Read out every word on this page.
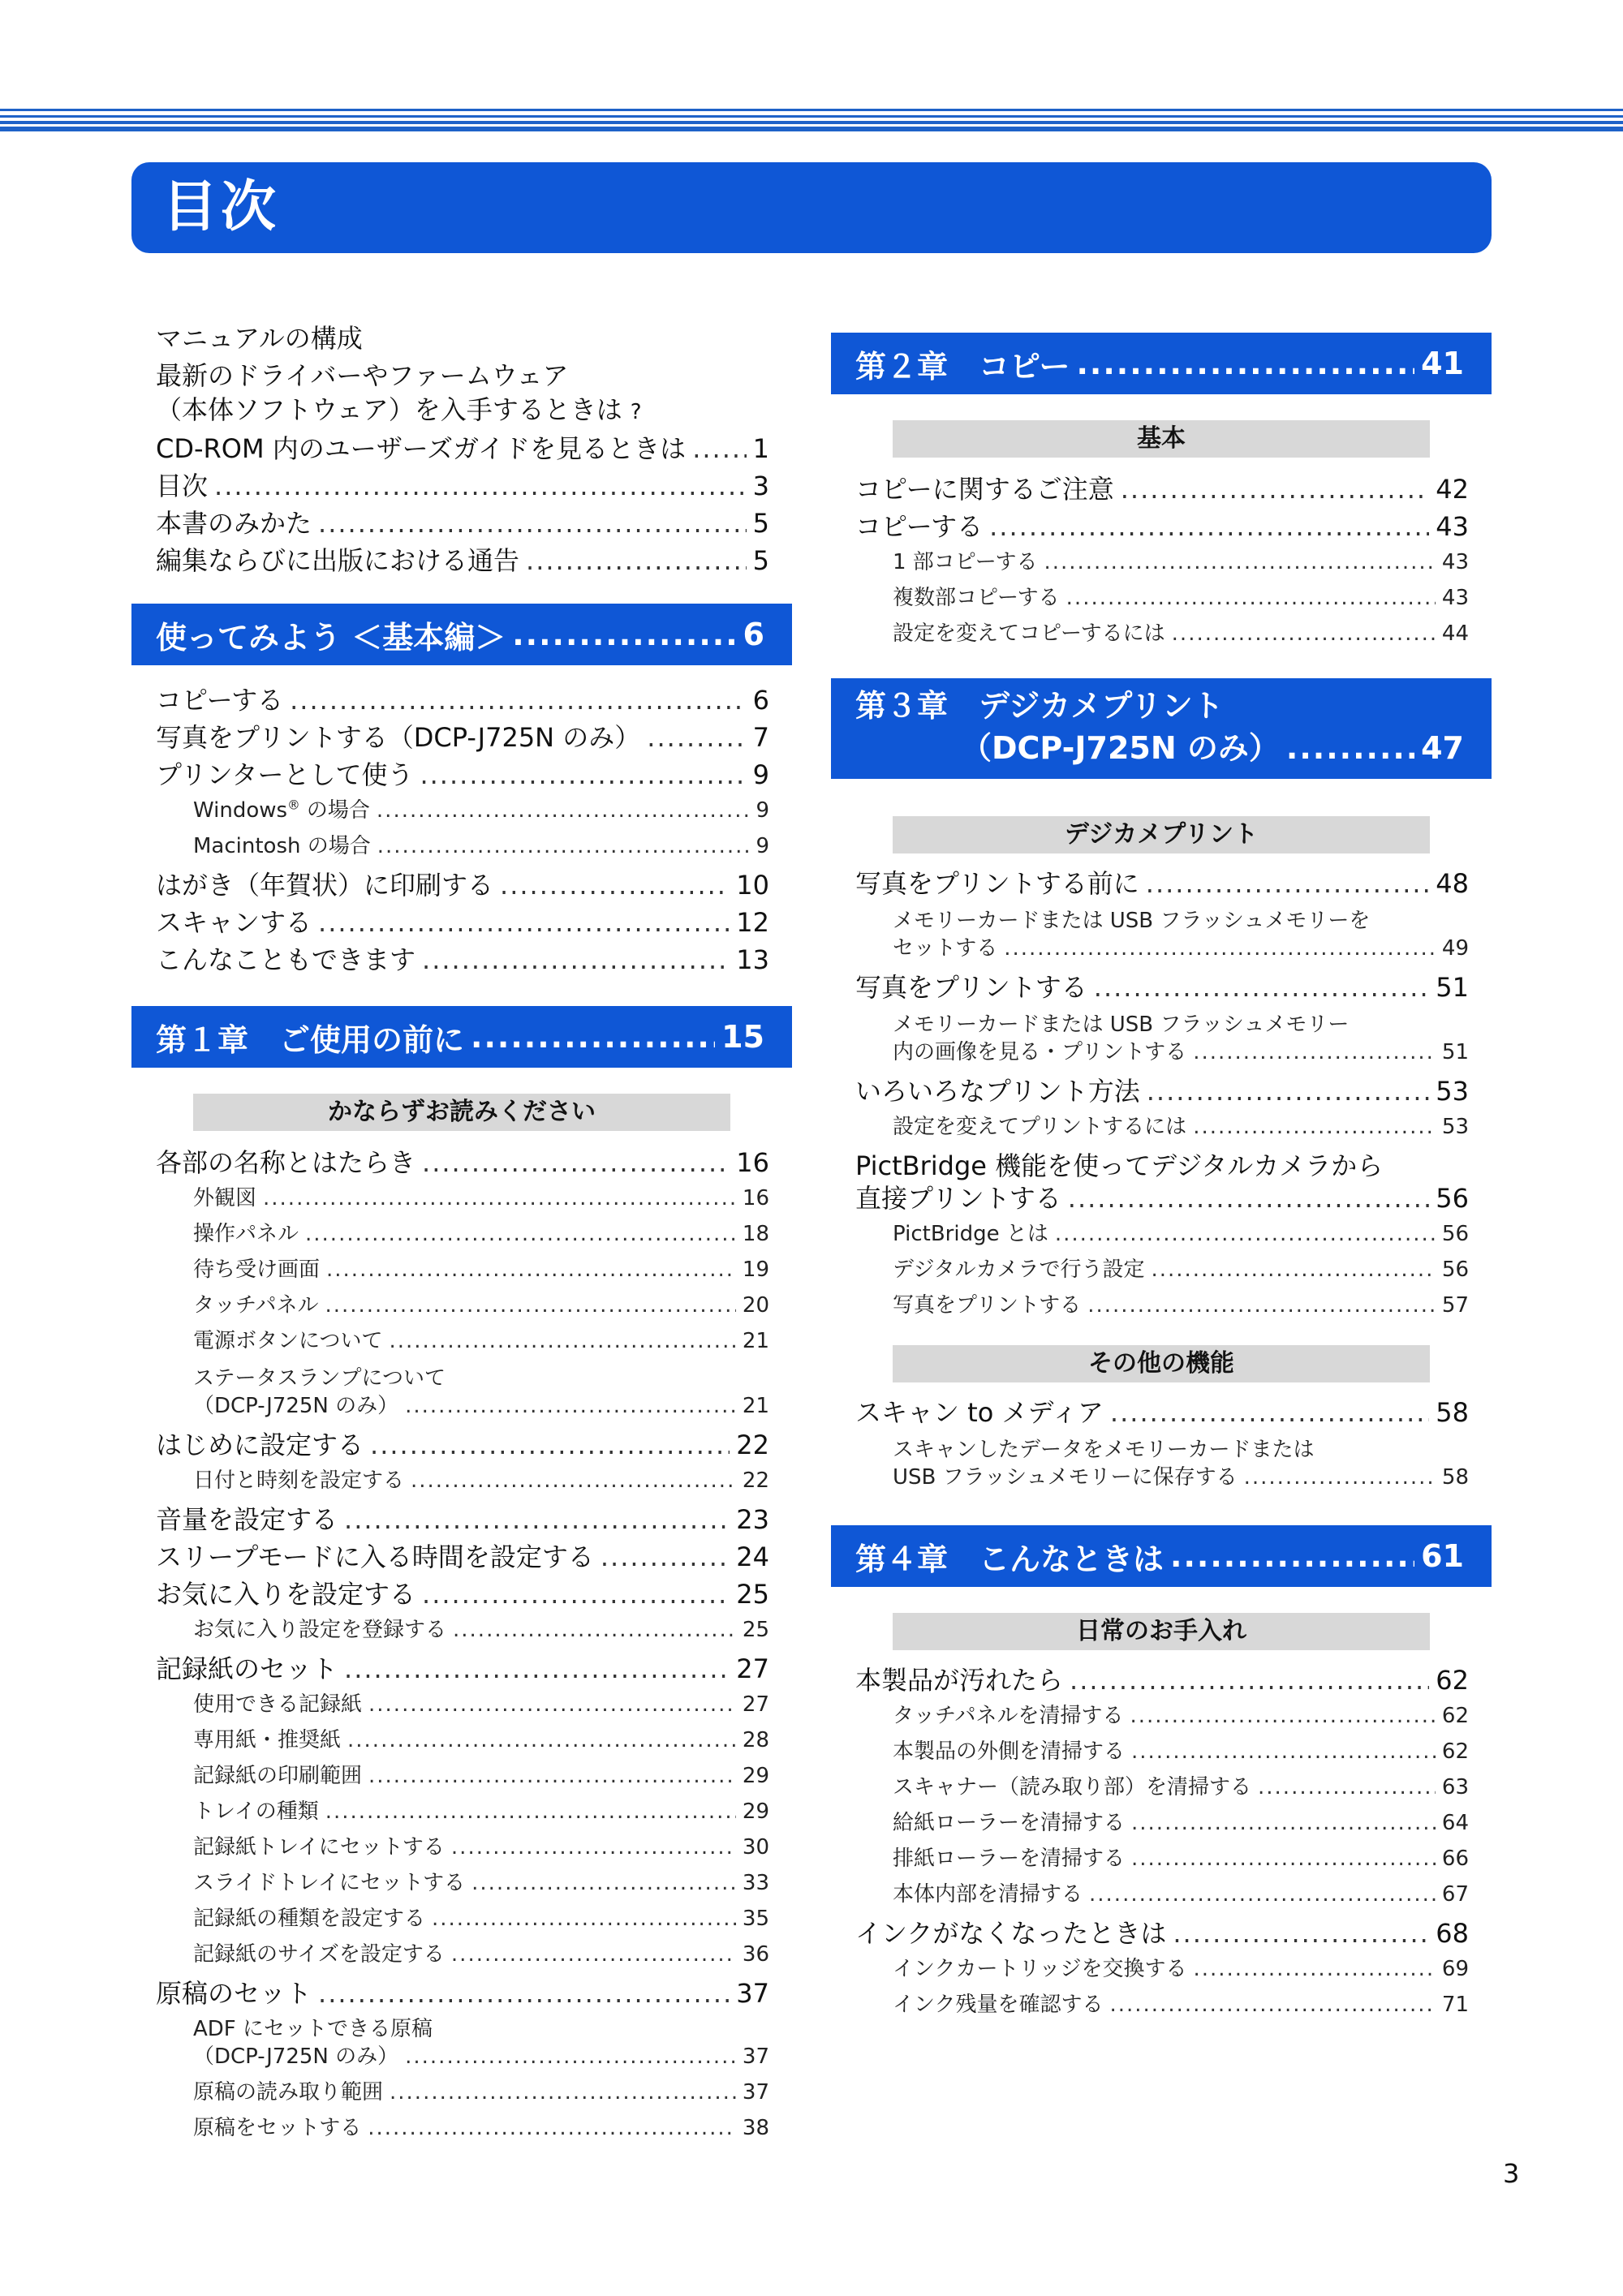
目次
マニュアルの構成
最新のドライバーやファームウェア
（本体ソフトウェア）を入手するときは ?
CD-ROM 内のユーザーズガイドを見るときは .....	1
目次 .....	3
本書のみかた .....	5
編集ならびに出版における通告 .....	5
使ってみよう ＜基本編＞ .....	6
コピーする .....	6
写真をプリントする（DCP-J725N のみ） .....	7
プリンターとして使う .....	9
Windows® の場合 .....	9
Macintosh の場合 .....	9
はがき（年賀状）に印刷する .....	10
スキャンする .....	12
こんなこともできます .....	13
第１章　ご使用の前に .....	15
かならずお読みください
各部の名称とはたらき .....	16
外観図 .....	16
操作パネル .....	18
待ち受け画面 .....	19
タッチパネル .....	20
電源ボタンについて .....	21
ステータスランプについて
（DCP-J725N のみ） .....	21
はじめに設定する .....	22
日付と時刻を設定する .....	22
音量を設定する .....	23
スリープモードに入る時間を設定する .....	24
お気に入りを設定する .....	25
お気に入り設定を登録する .....	25
記録紙のセット .....	27
使用できる記録紙 .....	27
専用紙・推奨紙 .....	28
記録紙の印刷範囲 .....	29
トレイの種類 .....	29
記録紙トレイにセットする .....	30
スライドトレイにセットする .....	33
記録紙の種類を設定する .....	35
記録紙のサイズを設定する .....	36
原稿のセット .....	37
ADF にセットできる原稿
（DCP-J725N のみ） .....	37
原稿の読み取り範囲 .....	37
原稿をセットする .....	38
第２章　コピー .....	41
基本
コピーに関するご注意 .....	42
コピーする .....	43
1 部コピーする .....	43
複数部コピーする .....	43
設定を変えてコピーするには .....	44
第３章　デジカメプリント
（DCP-J725N のみ） .....	47
デジカメプリント
写真をプリントする前に .....	48
メモリーカードまたは USB フラッシュメモリーを
セットする .....	49
写真をプリントする .....	51
メモリーカードまたは USB フラッシュメモリー
内の画像を見る・プリントする .....	51
いろいろなプリント方法 .....	53
設定を変えてプリントするには .....	53
PictBridge 機能を使ってデジタルカメラから
直接プリントする .....	56
PictBridge とは .....	56
デジタルカメラで行う設定 .....	56
写真をプリントする .....	57
その他の機能
スキャン to メディア .....	58
スキャンしたデータをメモリーカードまたは
USB フラッシュメモリーに保存する .....	58
第４章　こんなときは .....	61
日常のお手入れ
本製品が汚れたら .....	62
タッチパネルを清掃する .....	62
本製品の外側を清掃する .....	62
スキャナー（読み取り部）を清掃する .....	63
給紙ローラーを清掃する .....	64
排紙ローラーを清掃する .....	66
本体内部を清掃する .....	67
インクがなくなったときは .....	68
インクカートリッジを交換する .....	69
インク残量を確認する .....	71
3
